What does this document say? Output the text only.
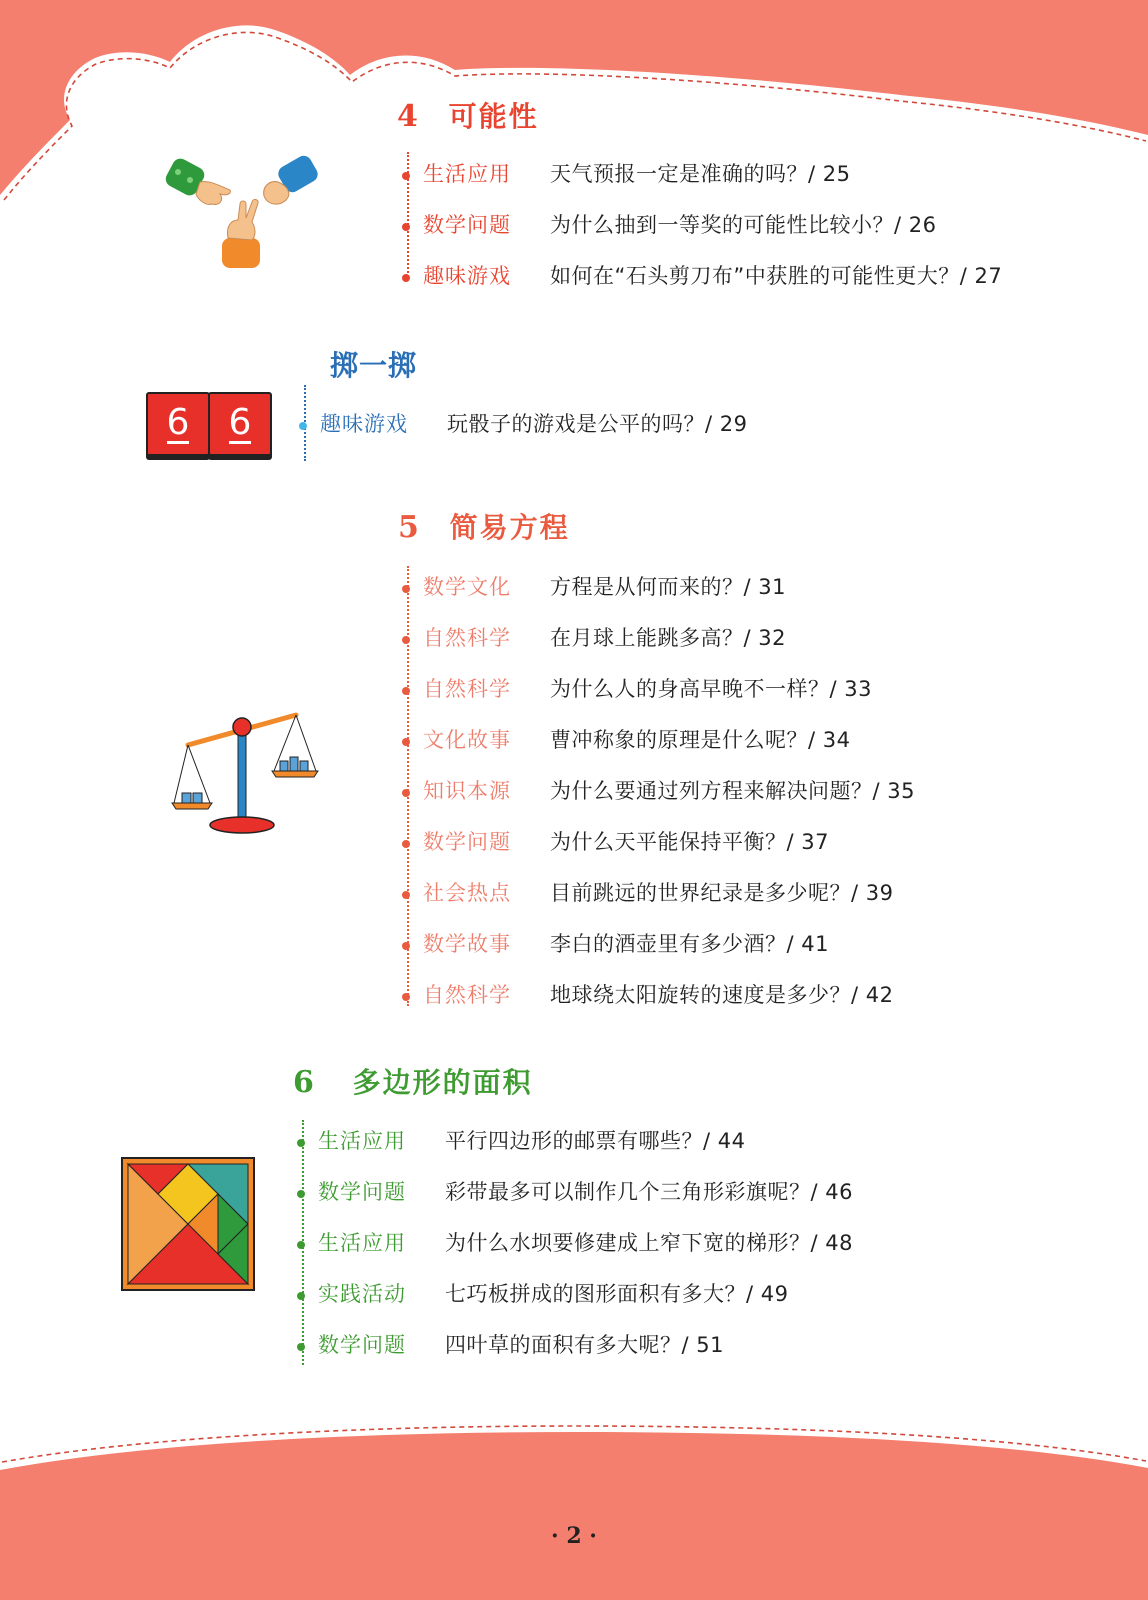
4 可能性
生活应用 天气预报一定是准确的吗？/ 25
数学问题 为什么抽到一等奖的可能性比较小？/ 26
趣味游戏 如何在“石头剪刀布”中获胜的可能性更大？/ 27
掷一掷
趣味游戏 玩骰子的游戏是公平的吗？/ 29
6	6
5 简易方程
数学文化 方程是从何而来的？/ 31
自然科学 在月球上能跳多高？/ 32
自然科学 为什么人的身高早晚不一样？/ 33
文化故事 曹冲称象的原理是什么呢？/ 34
知识本源 为什么要通过列方程来解决问题？/ 35
数学问题 为什么天平能保持平衡？/ 37
社会热点 目前跳远的世界纪录是多少呢？/ 39
数学故事 李白的酒壶里有多少酒？/ 41
自然科学 地球绕太阳旋转的速度是多少？/ 42
6 多边形的面积
生活应用 平行四边形的邮票有哪些？/ 44
数学问题 彩带最多可以制作几个三角形彩旗呢？/ 46
生活应用 为什么水坝要修建成上窄下宽的梯形？/ 48
实践活动 七巧板拼成的图形面积有多大？/ 49
数学问题 四叶草的面积有多大呢？/ 51
· 2 ·
